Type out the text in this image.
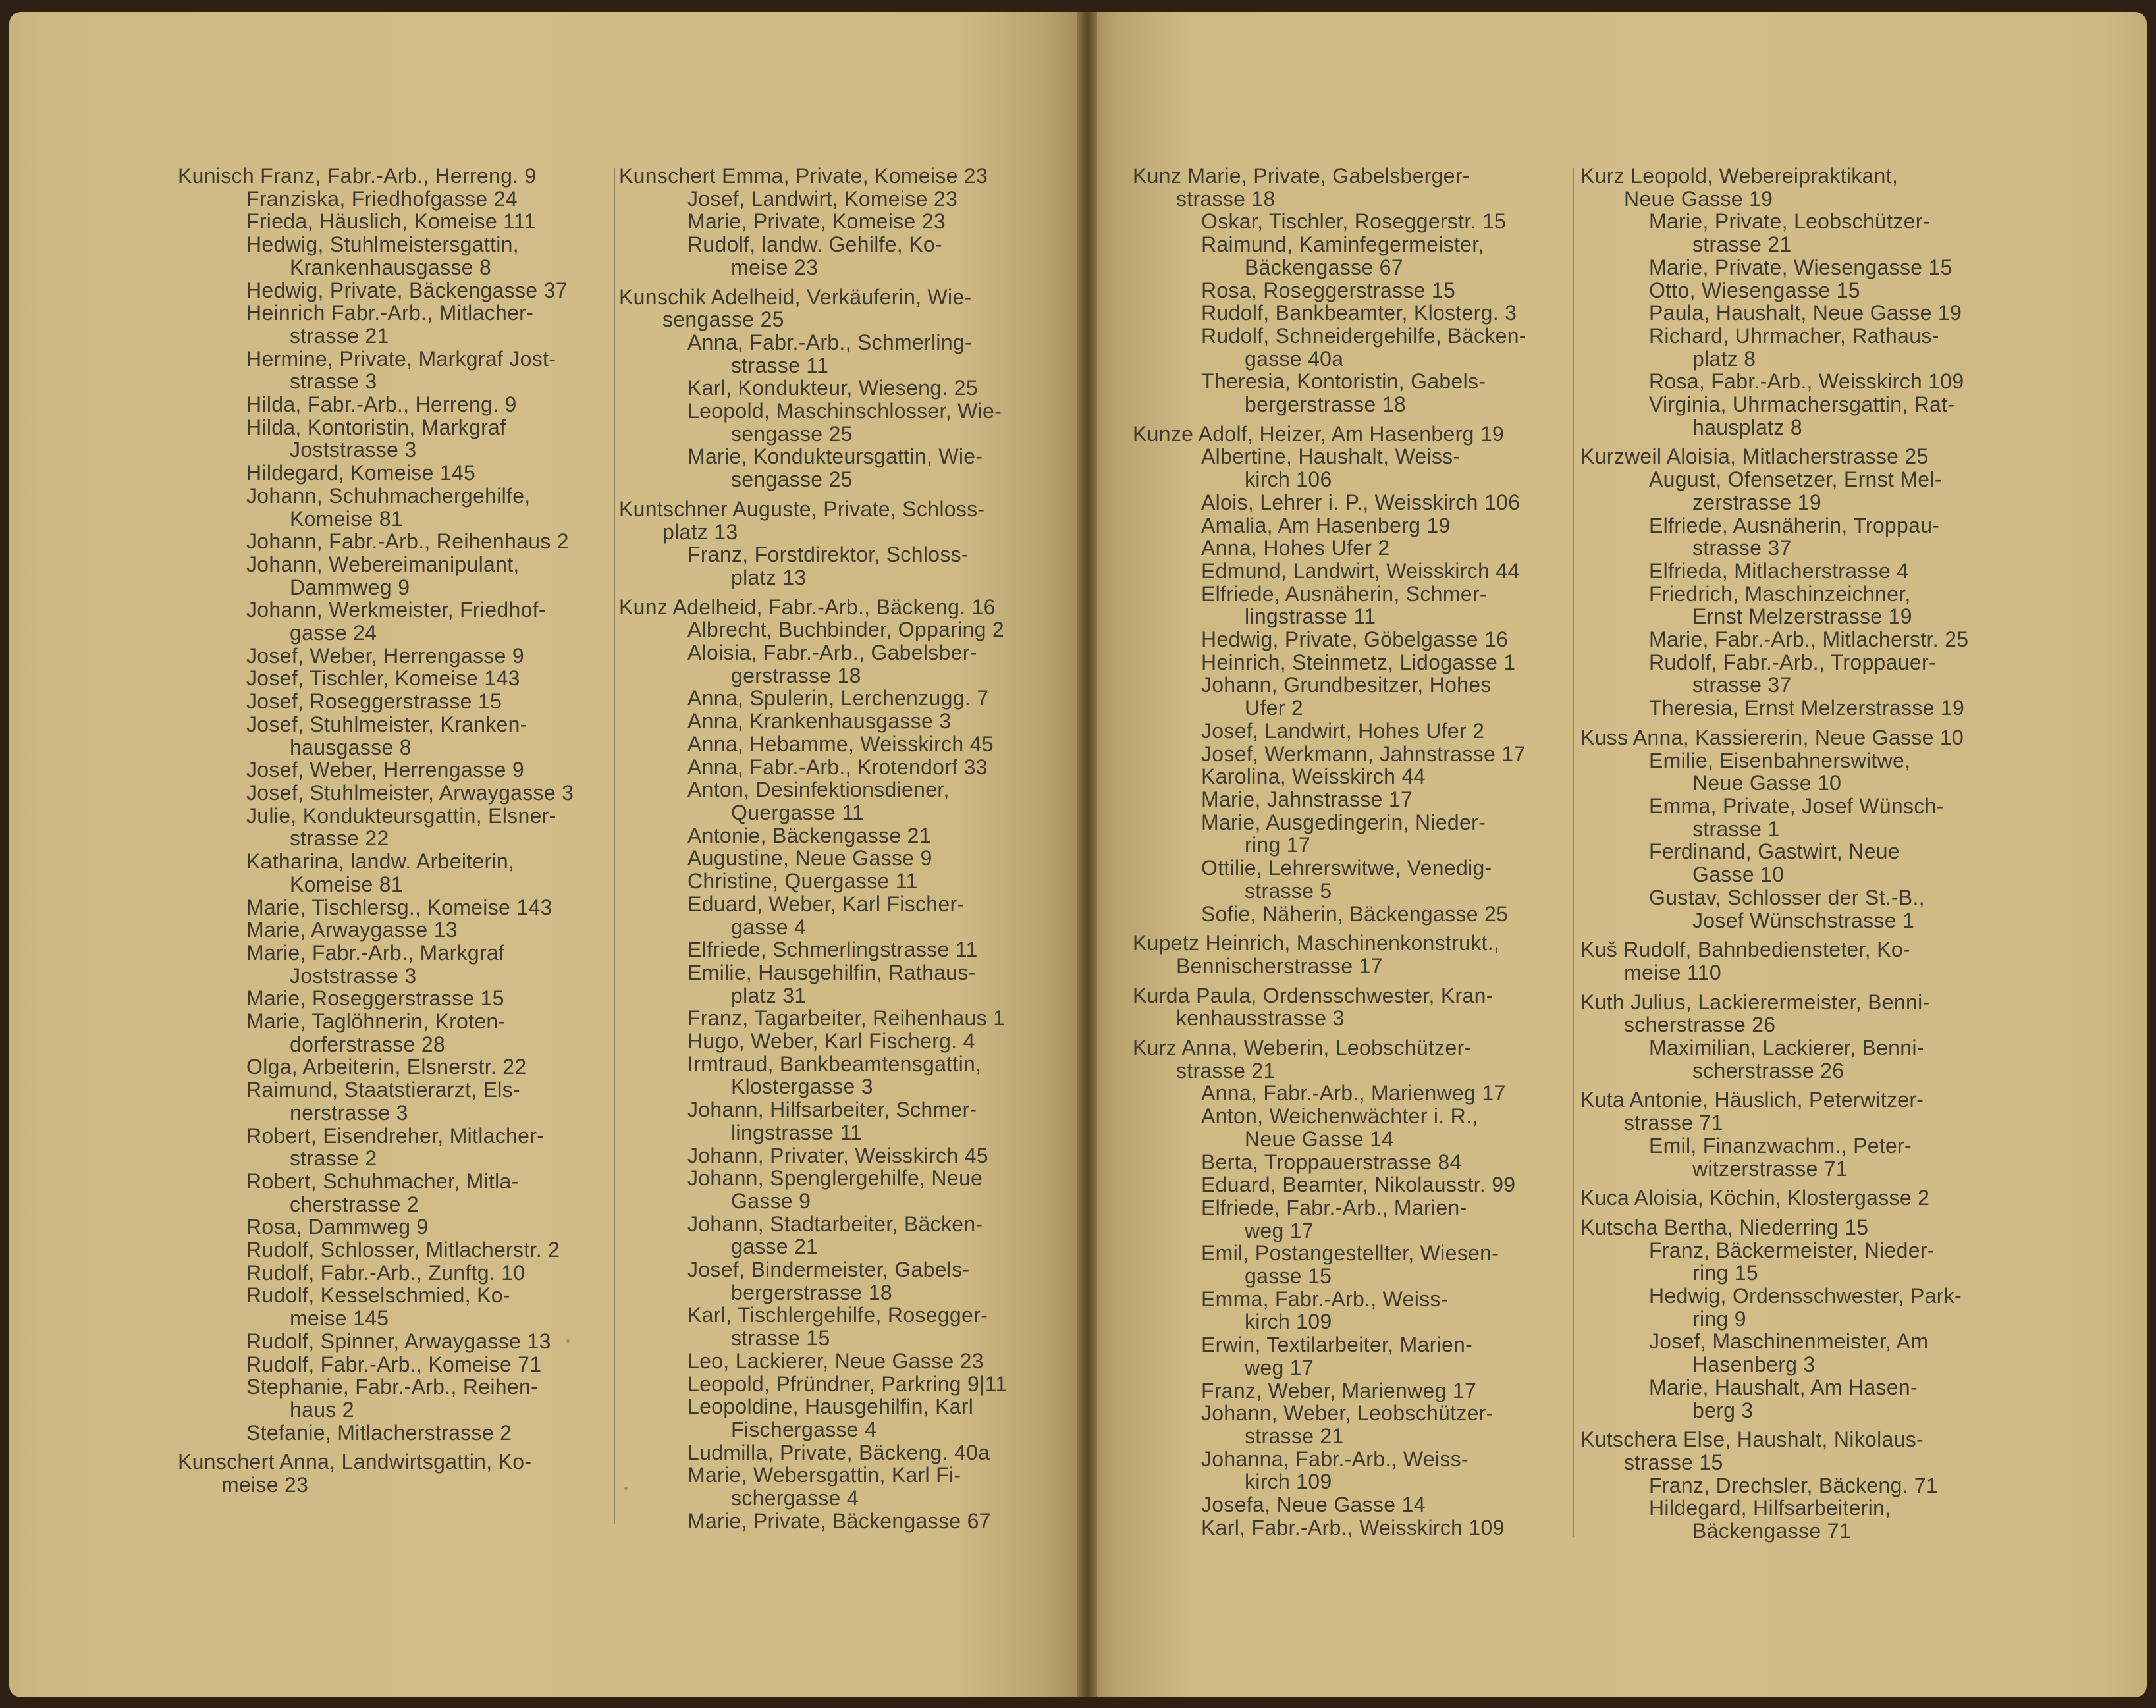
Kunisch Franz, Fabr.-Arb., Herreng. 9
Franziska, Friedhofgasse 24
Frieda, Häuslich, Komeise 111
Hedwig, Stuhlmeistersgattin,
Krankenhausgasse 8
Hedwig, Private, Bäckengasse 37
Heinrich Fabr.-Arb., Mitlacher-
strasse 21
Hermine, Private, Markgraf Jost-
strasse 3
Hilda, Fabr.-Arb., Herreng. 9
Hilda, Kontoristin, Markgraf
Joststrasse 3
Hildegard, Komeise 145
Johann, Schuhmachergehilfe,
Komeise 81
Johann, Fabr.-Arb., Reihenhaus 2
Johann, Webereimanipulant,
Dammweg 9
Johann, Werkmeister, Friedhof-
gasse 24
Josef, Weber, Herrengasse 9
Josef, Tischler, Komeise 143
Josef, Roseggerstrasse 15
Josef, Stuhlmeister, Kranken-
hausgasse 8
Josef, Weber, Herrengasse 9
Josef, Stuhlmeister, Arwaygasse 3
Julie, Kondukteursgattin, Elsner-
strasse 22
Katharina, landw. Arbeiterin,
Komeise 81
Marie, Tischlersg., Komeise 143
Marie, Arwaygasse 13
Marie, Fabr.-Arb., Markgraf
Joststrasse 3
Marie, Roseggerstrasse 15
Marie, Taglöhnerin, Kroten-
dorferstrasse 28
Olga, Arbeiterin, Elsnerstr. 22
Raimund, Staatstierarzt, Els-
nerstrasse 3
Robert, Eisendreher, Mitlacher-
strasse 2
Robert, Schuhmacher, Mitla-
cherstrasse 2
Rosa, Dammweg 9
Rudolf, Schlosser, Mitlacherstr. 2
Rudolf, Fabr.-Arb., Zunftg. 10
Rudolf, Kesselschmied, Ko-
meise 145
Rudolf, Spinner, Arwaygasse 13
Rudolf, Fabr.-Arb., Komeise 71
Stephanie, Fabr.-Arb., Reihen-
haus 2
Stefanie, Mitlacherstrasse 2
Kunschert Anna, Landwirtsgattin, Ko-
meise 23
Kunschert Emma, Private, Komeise 23
Josef, Landwirt, Komeise 23
Marie, Private, Komeise 23
Rudolf, landw. Gehilfe, Ko-
meise 23
Kunschik Adelheid, Verkäuferin, Wie-
sengasse 25
Anna, Fabr.-Arb., Schmerling-
strasse 11
Karl, Kondukteur, Wieseng. 25
Leopold, Maschinschlosser, Wie-
sengasse 25
Marie, Kondukteursgattin, Wie-
sengasse 25
Kuntschner Auguste, Private, Schloss-
platz 13
Franz, Forstdirektor, Schloss-
platz 13
Kunz Adelheid, Fabr.-Arb., Bäckeng. 16
Albrecht, Buchbinder, Opparing 2
Aloisia, Fabr.-Arb., Gabelsber-
gerstrasse 18
Anna, Spulerin, Lerchenzugg. 7
Anna, Krankenhausgasse 3
Anna, Hebamme, Weisskirch 45
Anna, Fabr.-Arb., Krotendorf 33
Anton, Desinfektionsdiener,
Quergasse 11
Antonie, Bäckengasse 21
Augustine, Neue Gasse 9
Christine, Quergasse 11
Eduard, Weber, Karl Fischer-
gasse 4
Elfriede, Schmerlingstrasse 11
Emilie, Hausgehilfin, Rathaus-
platz 31
Franz, Tagarbeiter, Reihenhaus 1
Hugo, Weber, Karl Fischerg. 4
Irmtraud, Bankbeamtensgattin,
Klostergasse 3
Johann, Hilfsarbeiter, Schmer-
lingstrasse 11
Johann, Privater, Weisskirch 45
Johann, Spenglergehilfe, Neue
Gasse 9
Johann, Stadtarbeiter, Bäcken-
gasse 21
Josef, Bindermeister, Gabels-
bergerstrasse 18
Karl, Tischlergehilfe, Rosegger-
strasse 15
Leo, Lackierer, Neue Gasse 23
Leopold, Pfründner, Parkring 9|11
Leopoldine, Hausgehilfin, Karl
Fischergasse 4
Ludmilla, Private, Bäckeng. 40a
Marie, Webersgattin, Karl Fi-
schergasse 4
Marie, Private, Bäckengasse 67
Kunz Marie, Private, Gabelsberger-
strasse 18
Oskar, Tischler, Roseggerstr. 15
Raimund, Kaminfegermeister,
Bäckengasse 67
Rosa, Roseggerstrasse 15
Rudolf, Bankbeamter, Klosterg. 3
Rudolf, Schneidergehilfe, Bäcken-
gasse 40a
Theresia, Kontoristin, Gabels-
bergerstrasse 18
Kunze Adolf, Heizer, Am Hasenberg 19
Albertine, Haushalt, Weiss-
kirch 106
Alois, Lehrer i. P., Weisskirch 106
Amalia, Am Hasenberg 19
Anna, Hohes Ufer 2
Edmund, Landwirt, Weisskirch 44
Elfriede, Ausnäherin, Schmer-
lingstrasse 11
Hedwig, Private, Göbelgasse 16
Heinrich, Steinmetz, Lidogasse 1
Johann, Grundbesitzer, Hohes
Ufer 2
Josef, Landwirt, Hohes Ufer 2
Josef, Werkmann, Jahnstrasse 17
Karolina, Weisskirch 44
Marie, Jahnstrasse 17
Marie, Ausgedingerin, Nieder-
ring 17
Ottilie, Lehrerswitwe, Venedig-
strasse 5
Sofie, Näherin, Bäckengasse 25
Kupetz Heinrich, Maschinenkonstrukt.,
Bennischerstrasse 17
Kurda Paula, Ordensschwester, Kran-
kenhausstrasse 3
Kurz Anna, Weberin, Leobschützer-
strasse 21
Anna, Fabr.-Arb., Marienweg 17
Anton, Weichenwächter i. R.,
Neue Gasse 14
Berta, Troppauerstrasse 84
Eduard, Beamter, Nikolausstr. 99
Elfriede, Fabr.-Arb., Marien-
weg 17
Emil, Postangestellter, Wiesen-
gasse 15
Emma, Fabr.-Arb., Weiss-
kirch 109
Erwin, Textilarbeiter, Marien-
weg 17
Franz, Weber, Marienweg 17
Johann, Weber, Leobschützer-
strasse 21
Johanna, Fabr.-Arb., Weiss-
kirch 109
Josefa, Neue Gasse 14
Karl, Fabr.-Arb., Weisskirch 109
Kurz Leopold, Webereipraktikant,
Neue Gasse 19
Marie, Private, Leobschützer-
strasse 21
Marie, Private, Wiesengasse 15
Otto, Wiesengasse 15
Paula, Haushalt, Neue Gasse 19
Richard, Uhrmacher, Rathaus-
platz 8
Rosa, Fabr.-Arb., Weisskirch 109
Virginia, Uhrmachersgattin, Rat-
hausplatz 8
Kurzweil Aloisia, Mitlacherstrasse 25
August, Ofensetzer, Ernst Mel-
zerstrasse 19
Elfriede, Ausnäherin, Troppau-
strasse 37
Elfrieda, Mitlacherstrasse 4
Friedrich, Maschinzeichner,
Ernst Melzerstrasse 19
Marie, Fabr.-Arb., Mitlacherstr. 25
Rudolf, Fabr.-Arb., Troppauer-
strasse 37
Theresia, Ernst Melzerstrasse 19
Kuss Anna, Kassiererin, Neue Gasse 10
Emilie, Eisenbahnerswitwe,
Neue Gasse 10
Emma, Private, Josef Wünsch-
strasse 1
Ferdinand, Gastwirt, Neue
Gasse 10
Gustav, Schlosser der St.-B.,
Josef Wünschstrasse 1
Kuš Rudolf, Bahnbediensteter, Ko-
meise 110
Kuth Julius, Lackierermeister, Benni-
scherstrasse 26
Maximilian, Lackierer, Benni-
scherstrasse 26
Kuta Antonie, Häuslich, Peterwitzer-
strasse 71
Emil, Finanzwachm., Peter-
witzerstrasse 71
Kuca Aloisia, Köchin, Klostergasse 2
Kutscha Bertha, Niederring 15
Franz, Bäckermeister, Nieder-
ring 15
Hedwig, Ordensschwester, Park-
ring 9
Josef, Maschinenmeister, Am
Hasenberg 3
Marie, Haushalt, Am Hasen-
berg 3
Kutschera Else, Haushalt, Nikolaus-
strasse 15
Franz, Drechsler, Bäckeng. 71
Hildegard, Hilfsarbeiterin,
Bäckengasse 71
